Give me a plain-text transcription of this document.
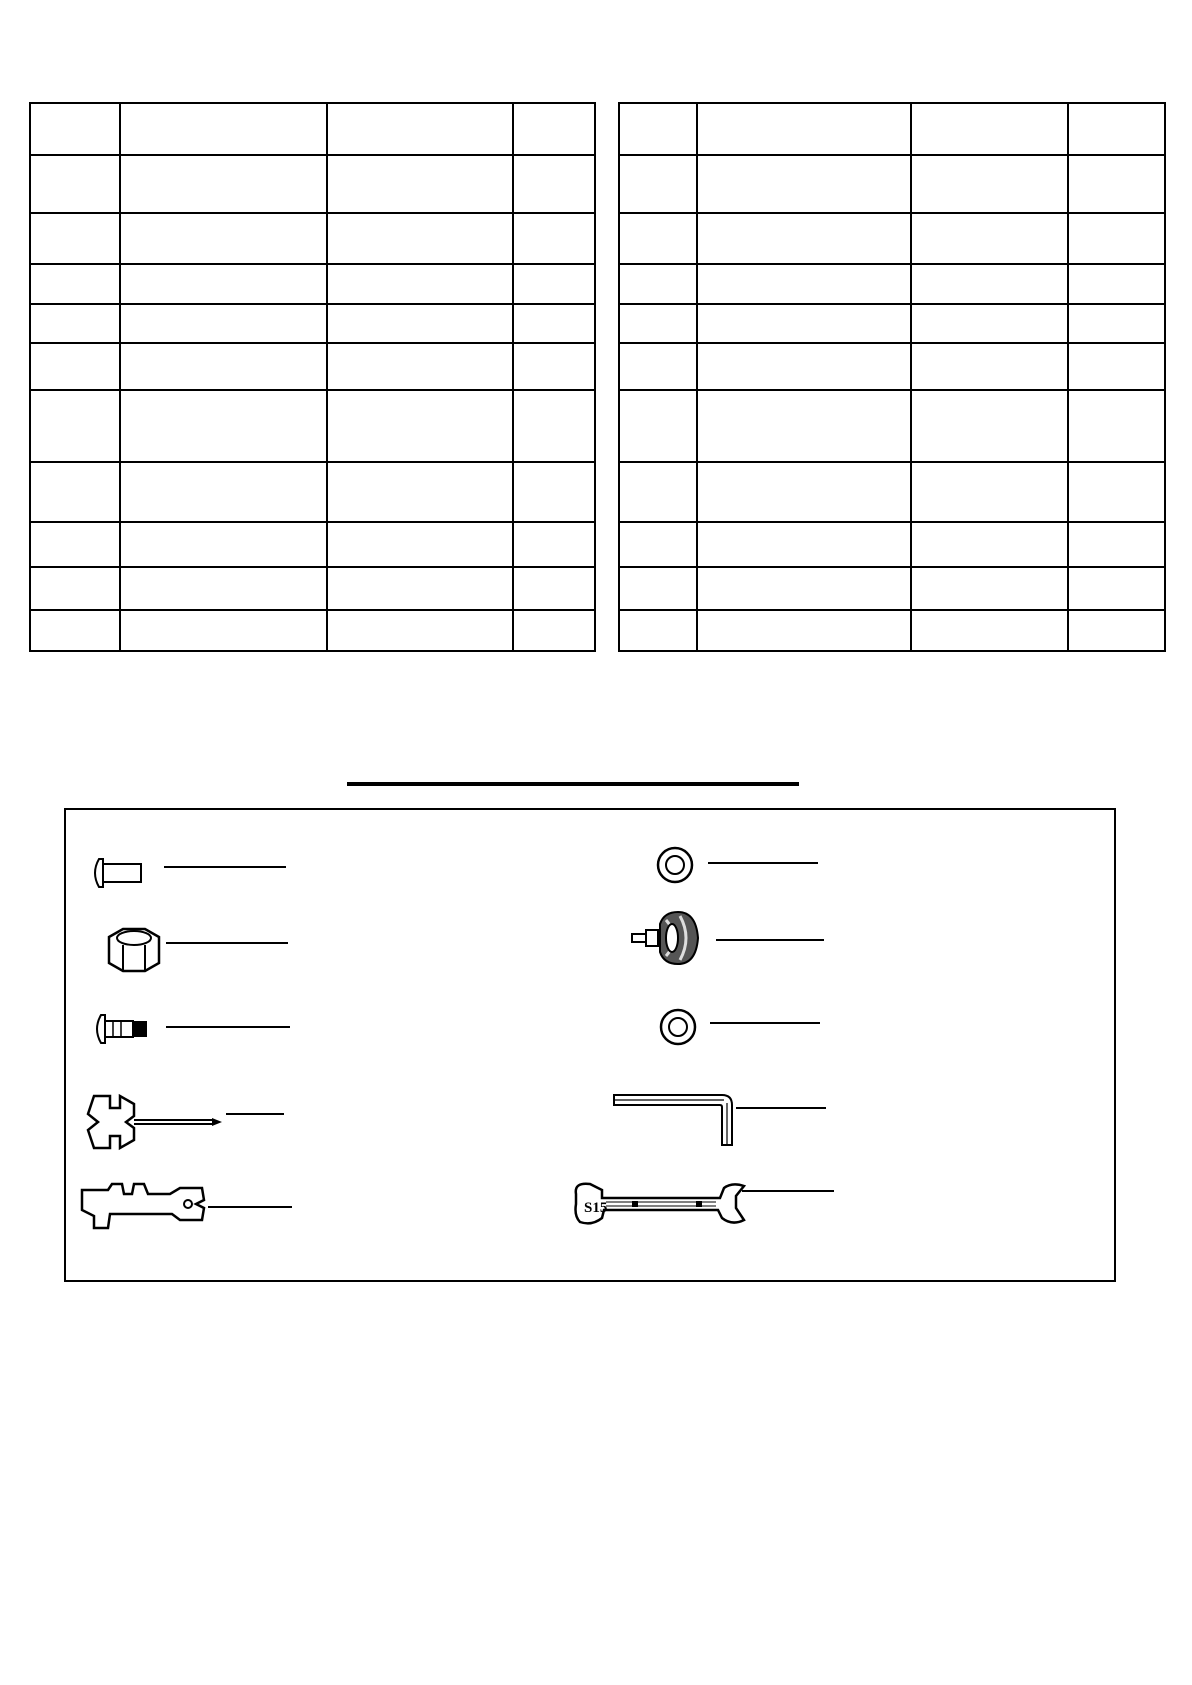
S15
